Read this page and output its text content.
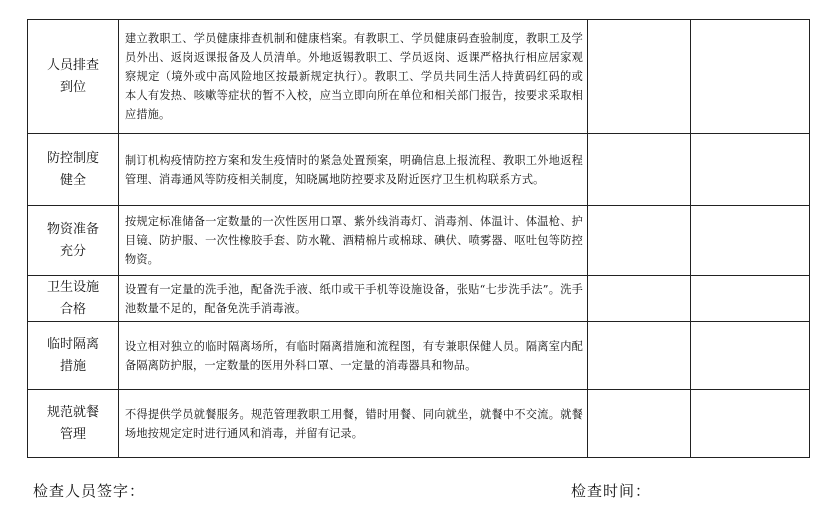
人员排查
到位	建立教职工、学员健康排查机制和健康档案。有教职工、学员健康码查验制度，教职工及学员外出、返岗返课报备及人员清单。外地返锡教职工、学员返岗、返课严格执行相应居家观察规定（境外或中高风险地区按最新规定执行）。教职工、学员共同生活人持黄码红码的或本人有发热、咳嗽等症状的暂不入校，应当立即向所在单位和相关部门报告，按要求采取相应措施。		

防控制度
健全	制订机构疫情防控方案和发生疫情时的紧急处置预案，明确信息上报流程、教职工外地返程管理、消毒通风等防疫相关制度，知晓属地防控要求及附近医疗卫生机构联系方式。		

物资准备
充分	按规定标准储备一定数量的一次性医用口罩、紫外线消毒灯、消毒剂、体温计、体温枪、护目镜、防护服、一次性橡胶手套、防水靴、酒精棉片或棉球、碘伏、喷雾器、呕吐包等防控物资。		

卫生设施
合格	设置有一定量的洗手池，配备洗手液、纸巾或干手机等设施设备，张贴“七步洗手法”。洗手池数量不足的，配备免洗手消毒液。		

临时隔离
措施	设立相对独立的临时隔离场所，有临时隔离措施和流程图，有专兼职保健人员。隔离室内配备隔离防护服，一定数量的医用外科口罩、一定量的消毒器具和物品。		

规范就餐
管理	不得提供学员就餐服务。规范管理教职工用餐，错时用餐、同向就坐，就餐中不交流。就餐场地按规定定时进行通风和消毒，并留有记录。		
检查人员签字：	检查时间：
